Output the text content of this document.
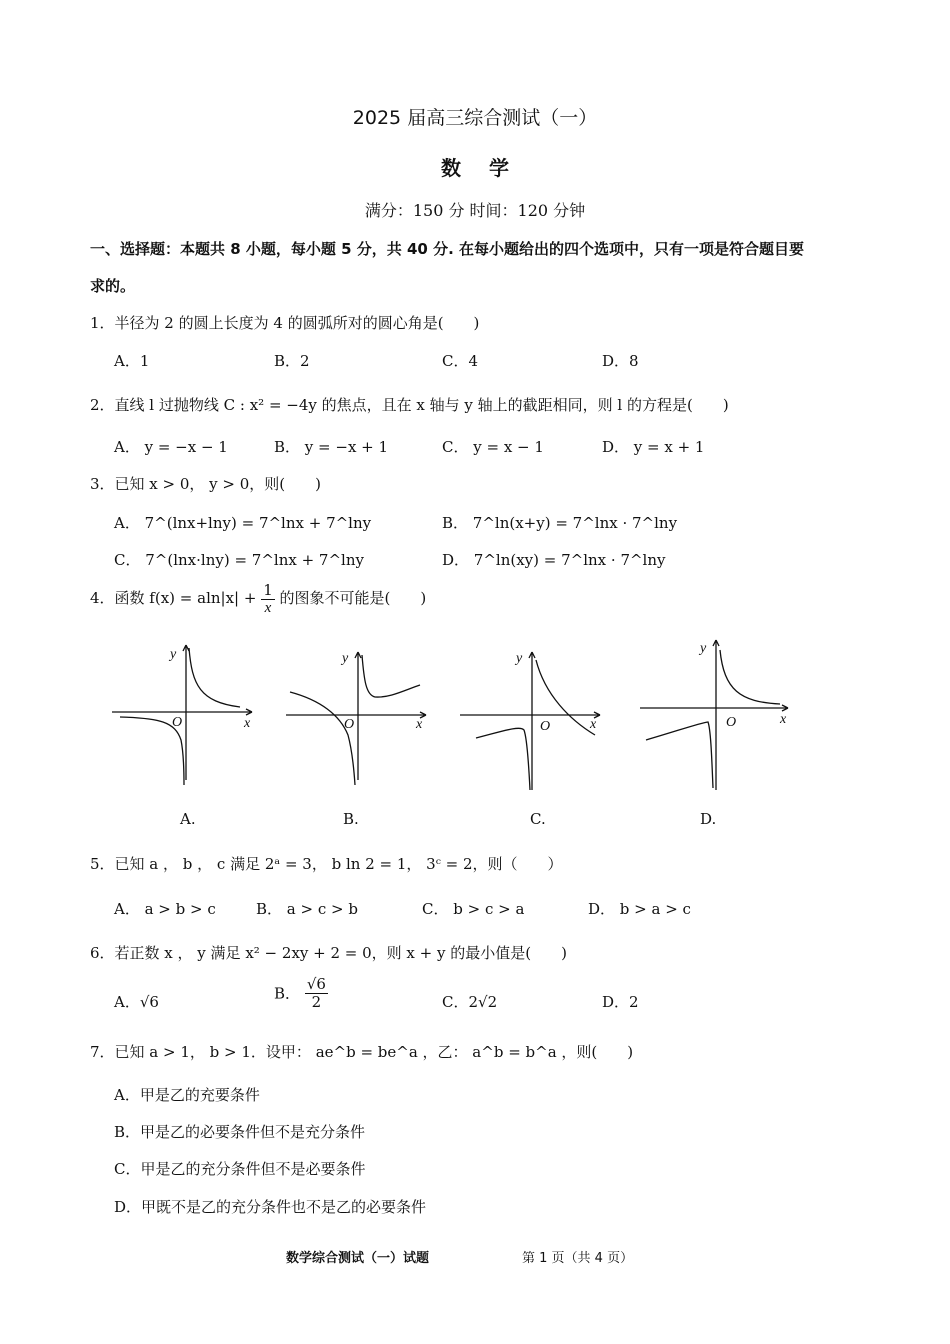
2025 届高三综合测试（一）
数学
满分：150 分 时间：120 分钟
一、选择题：本题共 8 小题，每小题 5 分，共 40 分. 在每小题给出的四个选项中，只有一项是符合题目要
求的。
1．半径为 2 的圆上长度为 4 的圆弧所对的圆心角是(　　)
A．1	B．2	C．4	D．8
2．直线 l 过抛物线 C : x² = −4y 的焦点，且在 x 轴与 y 轴上的截距相同，则 l 的方程是(　　)
A． y = −x − 1	B． y = −x + 1	C． y = x − 1	D． y = x + 1
3．已知 x > 0， y > 0，则(　　)
A． 7^(lnx+lny) = 7^lnx + 7^lny	B． 7^ln(x+y) = 7^lnx · 7^lny
C． 7^(lnx·lny) = 7^lnx + 7^lny	D． 7^ln(xy) = 7^lnx · 7^lny
4．函数 $f(x) = aln|x| + \frac{1}{x}$ 的图象不可能是(　　)
y
x
O
y
x
O
y
x
O
y
x
O
A.	B.	C.	D.
5．已知 a ， b ， c 满足 2ᵃ = 3， b ln 2 = 1， 3ᶜ = 2，则（　　）
A． a > b > c	B． a > c > b	C． b > c > a	D． b > a > c
6．若正数 x ， y 满足 x² − 2xy + 2 = 0，则 x + y 的最小值是(　　)
A．√6	B． $\frac{√6}{2}$	C．2√2	D．2
7．已知 a > 1， b > 1．设甲： ae^b = be^a ，乙： a^b = b^a ，则(　　)
A．甲是乙的充要条件
B．甲是乙的必要条件但不是充分条件
C．甲是乙的充分条件但不是必要条件
D．甲既不是乙的充分条件也不是乙的必要条件
数学综合测试（一）试题	第 1 页（共 4 页）
